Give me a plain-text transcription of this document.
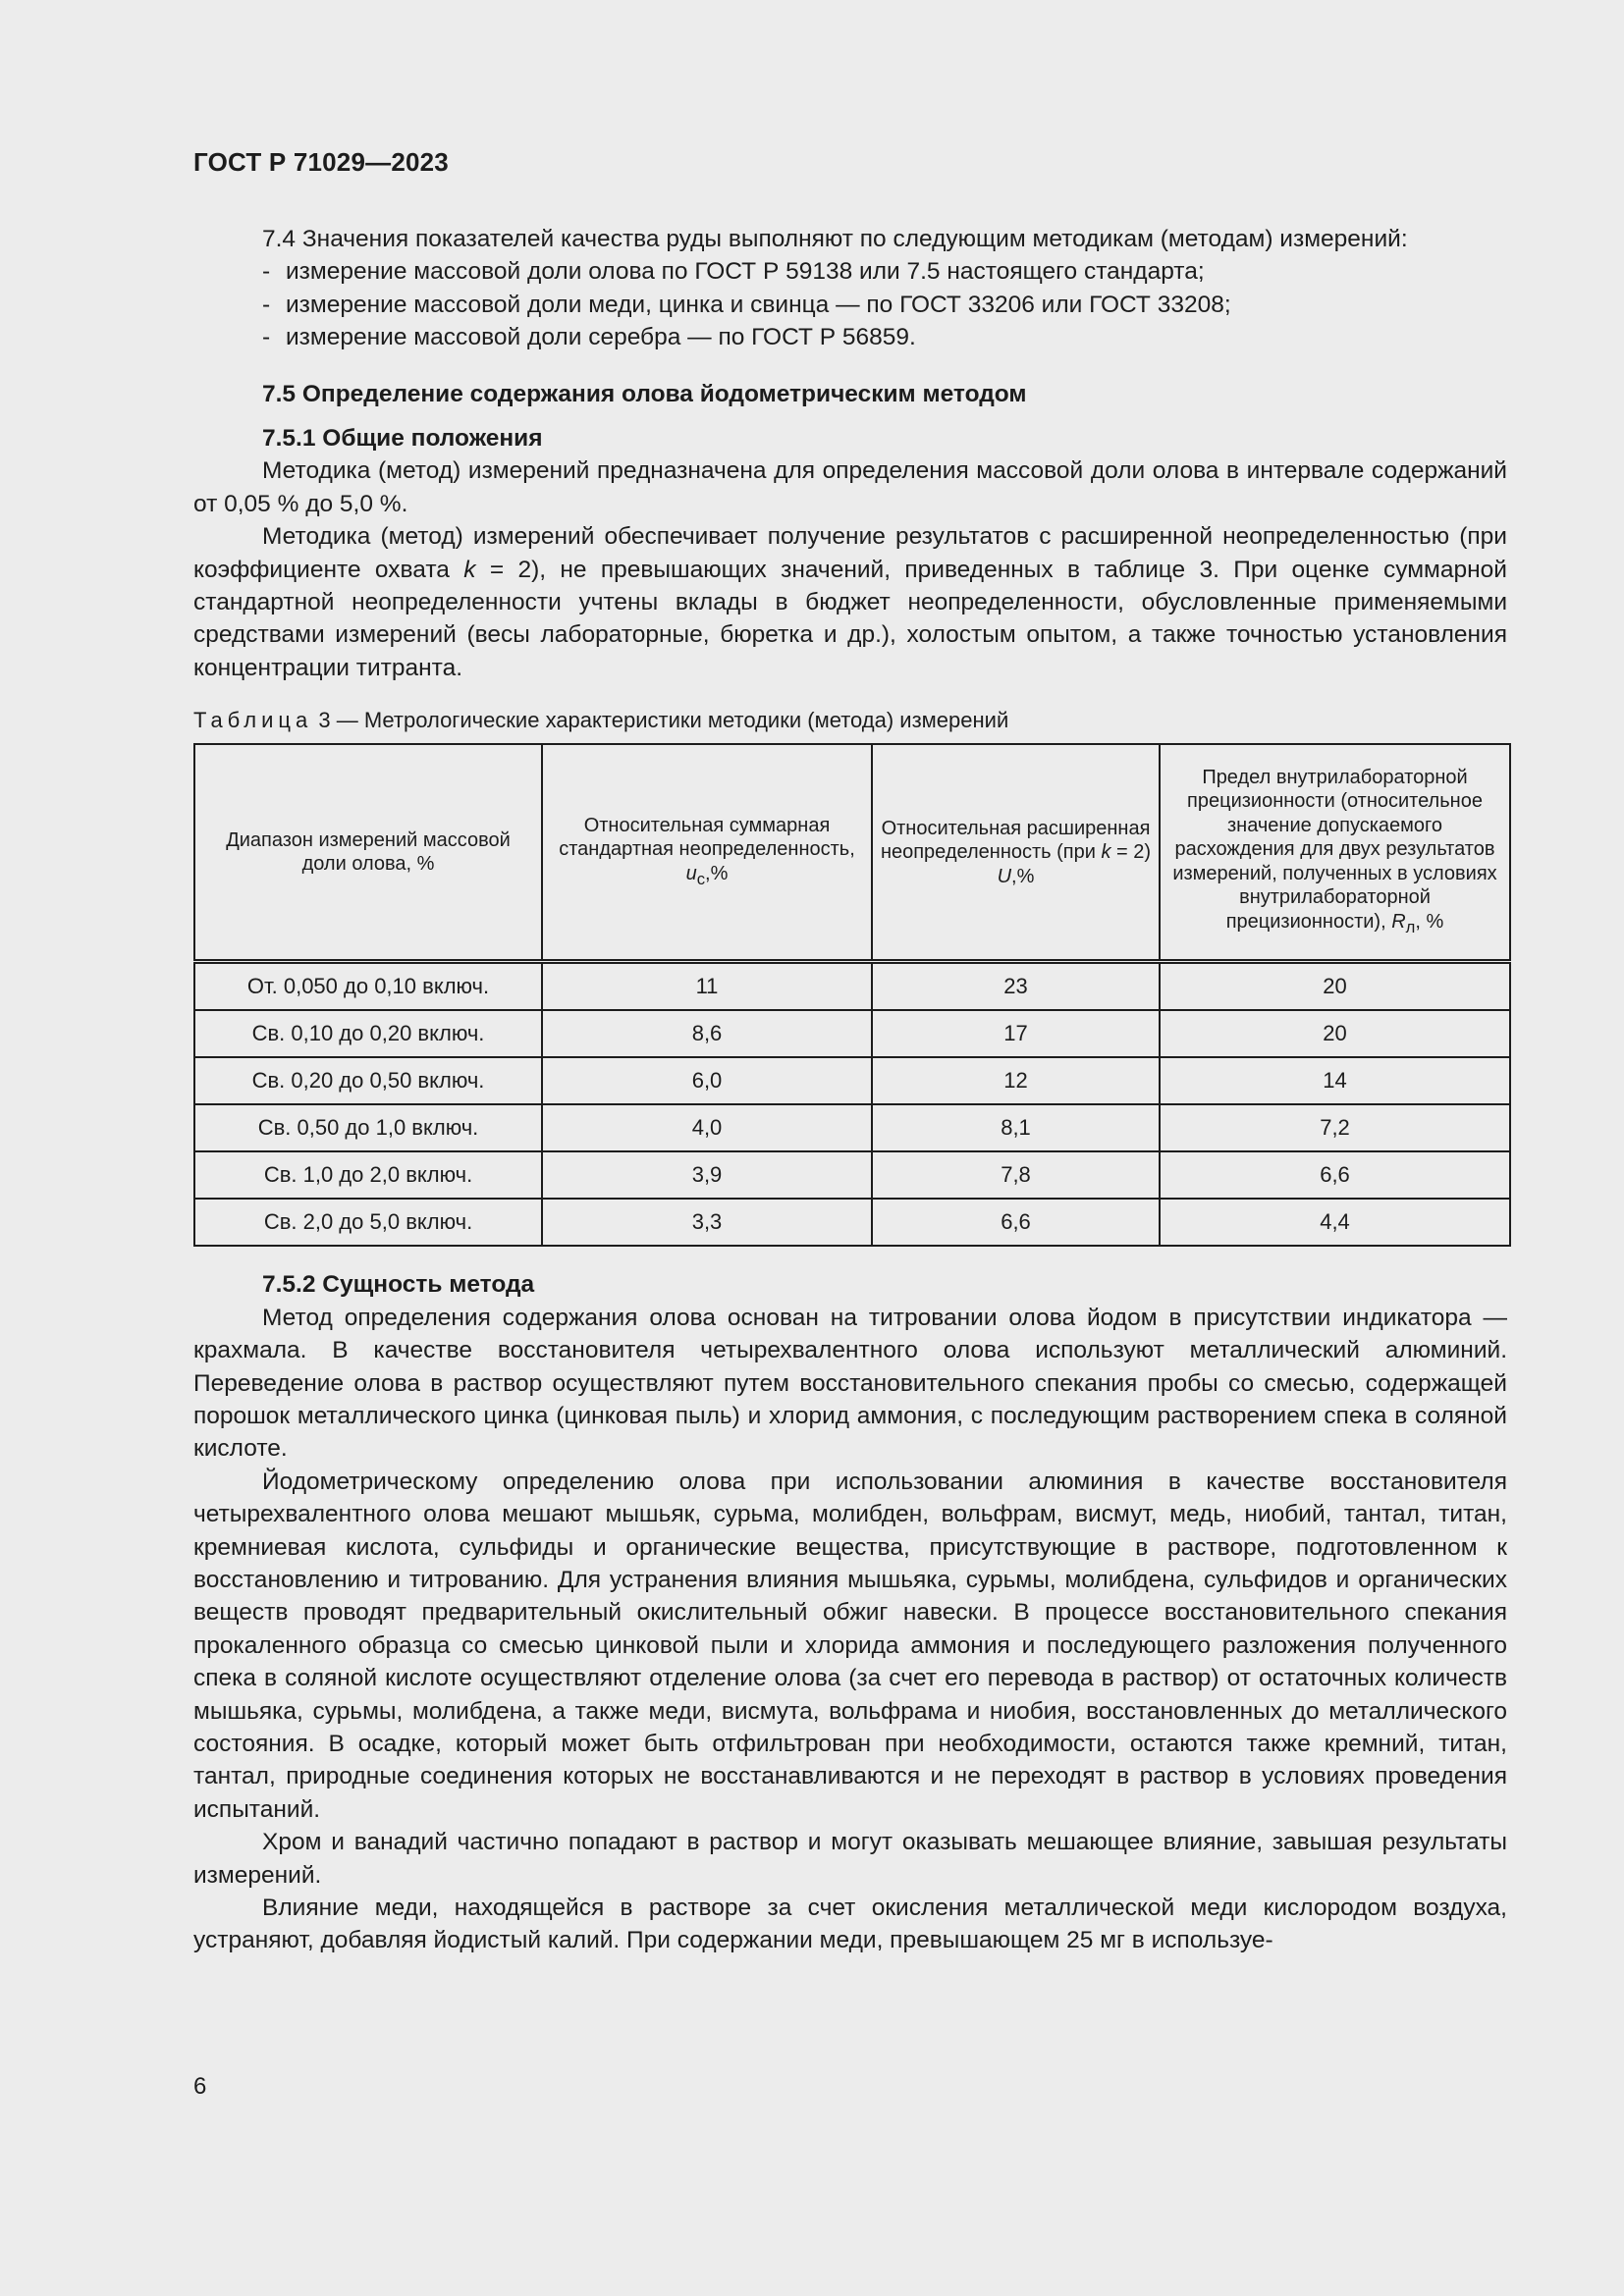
ГОСТ Р 71029—2023

7.4 Значения показателей качества руды выполняют по следующим методикам (методам) измерений:

- измерение массовой доли олова по ГОСТ Р 59138 или 7.5 настоящего стандарта;
- измерение массовой доли меди, цинка и свинца — по ГОСТ 33206 или ГОСТ 33208;
- измерение массовой доли серебра — по ГОСТ Р 56859.

7.5 Определение содержания олова йодометрическим методом

7.5.1 Общие положения

Методика (метод) измерений предназначена для определения массовой доли олова в интервале содержаний от 0,05 % до 5,0 %.

Методика (метод) измерений обеспечивает получение результатов с расширенной неопределенностью (при коэффициенте охвата k = 2), не превышающих значений, приведенных в таблице 3. При оценке суммарной стандартной неопределенности учтены вклады в бюджет неопределенности, обусловленные применяемыми средствами измерений (весы лабораторные, бюретка и др.), холостым опытом, а также точностью установления концентрации титранта.

Таблица 3 — Метрологические характеристики методики (метода) измерений
Диапазон измерений массовой доли олова, %	Относительная суммарная стандартная неопределенность, $u_c,\%$	Относительная расширенная неопределенность (при k = 2) U,%	Предел внутрилабораторной прецизионности (относительное значение допускаемого расхождения для двух результатов измерений, полученных в условиях внутрилабораторной прецизионности), $R_л$, %
От. 0,050 до 0,10 включ.	11	23	20
Св. 0,10 до 0,20 включ.	8,6	17	20
Св. 0,20 до 0,50 включ.	6,0	12	14
Св. 0,50 до 1,0 включ.	4,0	8,1	7,2
Св. 1,0 до 2,0 включ.	3,9	7,8	6,6
Св. 2,0 до 5,0 включ.	3,3	6,6	4,4

7.5.2 Сущность метода

Метод определения содержания олова основан на титровании олова йодом в присутствии индикатора — крахмала. В качестве восстановителя четырехвалентного олова используют металлический алюминий. Переведение олова в раствор осуществляют путем восстановительного спекания пробы со смесью, содержащей порошок металлического цинка (цинковая пыль) и хлорид аммония, с последующим растворением спека в соляной кислоте.

Йодометрическому определению олова при использовании алюминия в качестве восстановителя четырехвалентного олова мешают мышьяк, сурьма, молибден, вольфрам, висмут, медь, ниобий, тантал, титан, кремниевая кислота, сульфиды и органические вещества, присутствующие в растворе, подготовленном к восстановлению и титрованию. Для устранения влияния мышьяка, сурьмы, молибдена, сульфидов и органических веществ проводят предварительный окислительный обжиг навески. В процессе восстановительного спекания прокаленного образца со смесью цинковой пыли и хлорида аммония и последующего разложения полученного спека в соляной кислоте осуществляют отделение олова (за счет его перевода в раствор) от остаточных количеств мышьяка, сурьмы, молибдена, а также меди, висмута, вольфрама и ниобия, восстановленных до металлического состояния. В осадке, который может быть отфильтрован при необходимости, остаются также кремний, титан, тантал, природные соединения которых не восстанавливаются и не переходят в раствор в условиях проведения испытаний.

Хром и ванадий частично попадают в раствор и могут оказывать мешающее влияние, завышая результаты измерений.

Влияние меди, находящейся в растворе за счет окисления металлической меди кислородом воздуха, устраняют, добавляя йодистый калий. При содержании меди, превышающем 25 мг в используе-

6
